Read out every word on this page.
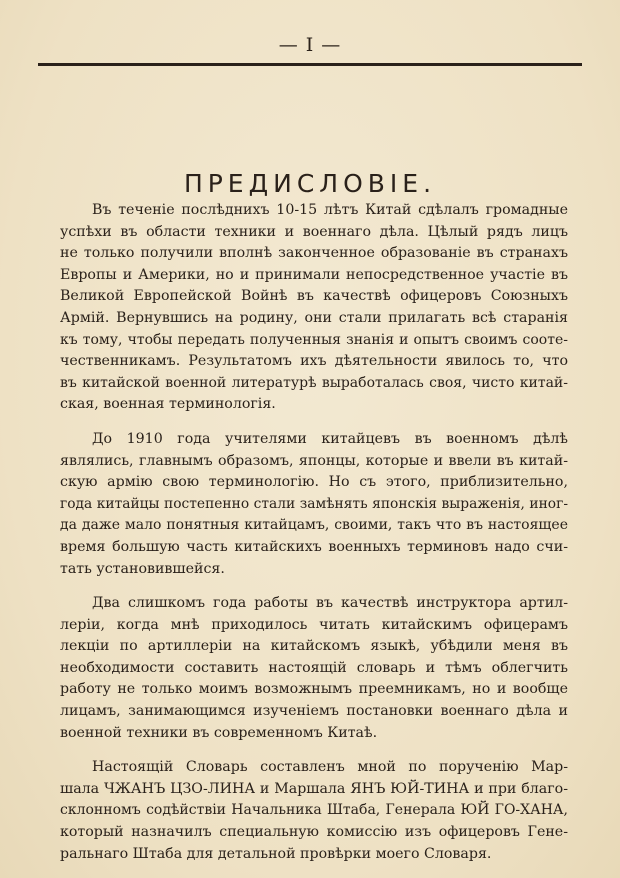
— I —
ПРЕДИСЛОВІЕ.
Въ теченіе послѣднихъ 10-15 лѣтъ Китай сдѣлалъ громадные
успѣхи въ области техники и военнаго дѣла. Цѣлый рядъ лицъ
не только получили вполнѣ законченное образованіе въ странахъ
Европы и Америки, но и принимали непосредственное участіе въ
Великой Европейской Войнѣ въ качествѣ офицеровъ Союзныхъ
Армій. Вернувшись на родину, они стали прилагать всѣ старанія
къ тому, чтобы передать полученныя знанія и опытъ своимъ соотe-
чественникамъ. Результатомъ ихъ дѣятельности явилось то, что
въ китайской военной литературѣ выработалась своя, чисто китай-
ская, военная терминологія.
До 1910 года учителями китайцевъ въ военномъ дѣлѣ
являлись, главнымъ образомъ, японцы, которые и ввели въ китай-
скую армію свою терминологію. Но съ этого, приблизительно,
года китайцы постепенно стали замѣнять японскія выраженія, иног-
да даже мало понятныя китайцамъ, своими, такъ что въ настоящее
время большую часть китайскихъ военныхъ терминовъ надо счи-
тать установившейся.
Два слишкомъ года работы въ качествѣ инструктора артил-
леріи, когда мнѣ приходилось читать китайскимъ офицерамъ
лекціи по артиллеріи на китайскомъ языкѣ, убѣдили меня въ
необходимости составить настоящій словарь и тѣмъ облегчить
работу не только моимъ возможнымъ преемникамъ, но и вообще
лицамъ, занимающимся изученіемъ постановки военнаго дѣла и
военной техники въ современномъ Китаѣ.
Настоящій Словарь составленъ мной по порученію Мар-
шала ЧЖАНЪ ЦЗО-ЛИНА и Маршала ЯНЪ ЮЙ-ТИНА и при благо-
склонномъ содѣйствіи Начальника Штаба, Генерала ЮЙ ГО-ХАНА,
который назначилъ специальную комиссію изъ офицеровъ Гене-
ральнаго Штаба для детальной провѣрки моего Словаря.
